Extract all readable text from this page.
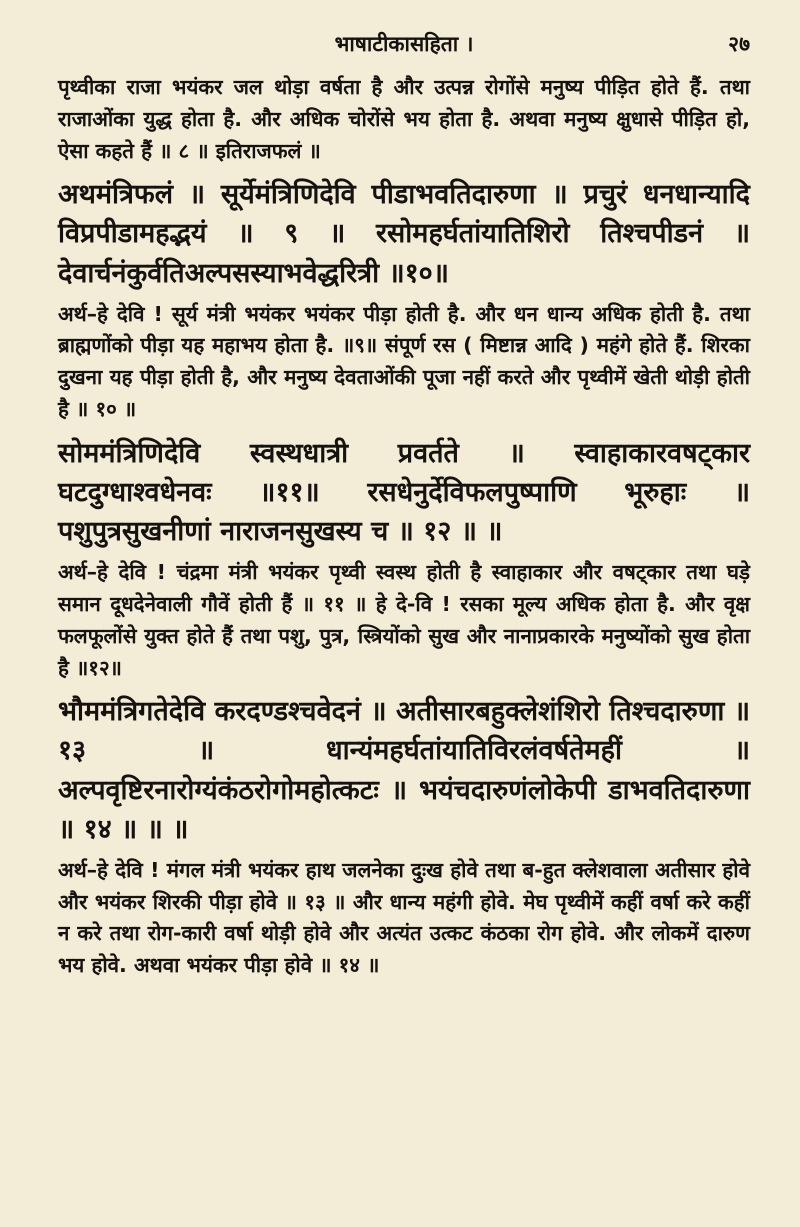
भाषाटीकासहिता ।	२७

पृथ्वीका राजा भयंकर जल थोड़ा वर्षता है और उत्पन्न रोगोंसे मनुष्य पीड़ित होते हैं. तथा राजाओंका युद्ध होता है. और अधिक चोरोंसे भय होता है. अथवा मनुष्य क्षुधासे पीड़ित हो, ऐसा कहते हैं ॥ ८ ॥ इतिराजफलं ॥

अथमंत्रिफलं ॥ सूर्येमंत्रिणिदेवि पीडाभवतिदारुणा ॥ प्रचुरं धनधान्यादि विप्रपीडामहद्भयं ॥ ९ ॥ रसोमहर्घतांयातिशिरो तिश्चपीडनं ॥ देवार्चनंकुर्वतिअल्पसस्याभवेद्धरित्री ॥१०॥

अर्थ–हे देवि ! सूर्य मंत्री भयंकर भयंकर पीड़ा होती है. और धन धान्य अधिक होती है. तथा ब्राह्मणोंको पीड़ा यह महाभय होता है. ॥९॥ संपूर्ण रस ( मिष्टान्न आदि ) महंगे होते हैं. शिरका दुखना यह पीड़ा होती है, और मनुष्य देवताओंकी पूजा नहीं करते और पृथ्वीमें खेती थोड़ी होती है ॥ १० ॥

सोममंत्रिणिदेवि स्वस्थधात्री प्रवर्तते ॥ स्वाहाकारवषट्कार घटदुग्धाश्वधेनवः ॥११॥ रसधेनुर्देविफलपुष्पाणि भूरुहाः ॥ पशुपुत्रसुखनीणां नाराजनसुखस्य च ॥ १२ ॥ ॥

अर्थ–हे देवि ! चंद्रमा मंत्री भयंकर पृथ्वी स्वस्थ होती है स्वाहाकार और वषट्कार तथा घड़े समान दूधदेनेवाली गौवें होती हैं ॥ ११ ॥ हे दे-वि ! रसका मूल्य अधिक होता है. और वृक्ष फलफूलोंसे युक्त होते हैं तथा पशु, पुत्र, स्त्रियोंको सुख और नानाप्रकारके मनुष्योंको सुख होता है ॥१२॥

भौममंत्रिगतेदेवि करदण्डश्चवेदनं ॥ अतीसारबहुक्लेशंशिरो तिश्चदारुणा ॥ १३ ॥ धान्यंमहर्घतांयातिविरलंवर्षतेमहीं ॥ अल्पवृष्टिरनारोग्यंकंठरोगोमहोत्कटः ॥ भयंचदारुणंलोकेपी डाभवतिदारुणा ॥ १४ ॥ ॥ ॥

अर्थ–हे देवि ! मंगल मंत्री भयंकर हाथ जलनेका दुःख होवे तथा ब-हुत क्लेशवाला अतीसार होवे और भयंकर शिरकी पीड़ा होवे ॥ १३ ॥ और धान्य महंगी होवे. मेघ पृथ्वीमें कहीं वर्षा करे कहीं न करे तथा रोग-कारी वर्षा थोड़ी होवे और अत्यंत उत्कट कंठका रोग होवे. और लोकमें दारुण भय होवे. अथवा भयंकर पीड़ा होवे ॥ १४ ॥
